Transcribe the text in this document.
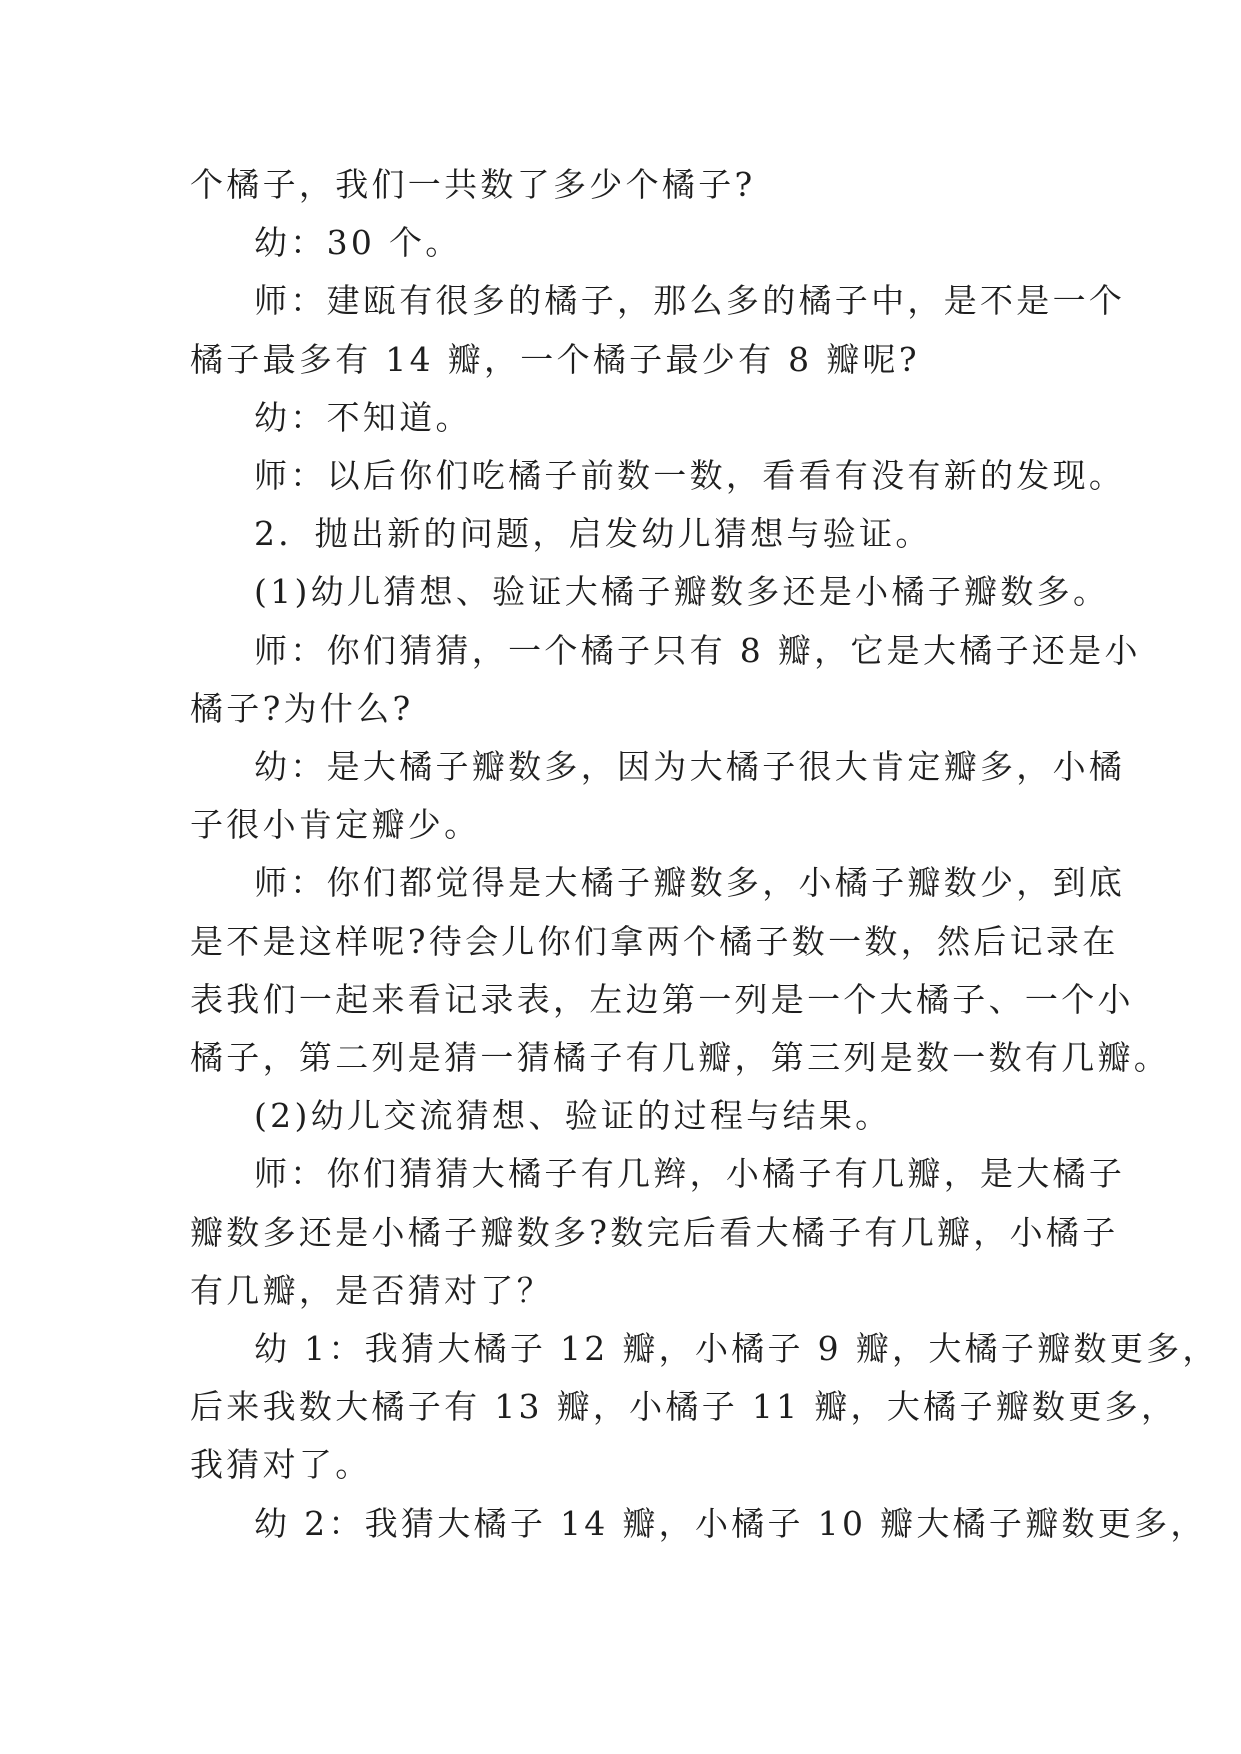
个橘子，我们一共数了多少个橘子?

幼：30 个。

师：建瓯有很多的橘子，那么多的橘子中，是不是一个

橘子最多有 14 瓣，一个橘子最少有 8 瓣呢?

幼：不知道。

师：以后你们吃橘子前数一数，看看有没有新的发现。

2．抛出新的问题，启发幼儿猜想与验证。

(1)幼儿猜想、验证大橘子瓣数多还是小橘子瓣数多。

师：你们猜猜，一个橘子只有 8 瓣，它是大橘子还是小

橘子?为什么?

幼：是大橘子瓣数多，因为大橘子很大肯定瓣多，小橘

子很小肯定瓣少。

师：你们都觉得是大橘子瓣数多，小橘子瓣数少，到底

是不是这样呢?待会儿你们拿两个橘子数一数，然后记录在

表我们一起来看记录表，左边第一列是一个大橘子、一个小

橘子，第二列是猜一猜橘子有几瓣，第三列是数一数有几瓣。

(2)幼儿交流猜想、验证的过程与结果。

师：你们猜猜大橘子有几辫，小橘子有几瓣，是大橘子

瓣数多还是小橘子瓣数多?数完后看大橘子有几瓣，小橘子

有几瓣，是否猜对了？

幼 1：我猜大橘子 12 瓣，小橘子 9 瓣，大橘子瓣数更多，

后来我数大橘子有 13 瓣，小橘子 11 瓣，大橘子瓣数更多，

我猜对了。

幼 2：我猜大橘子 14 瓣，小橘子 10 瓣大橘子瓣数更多，
